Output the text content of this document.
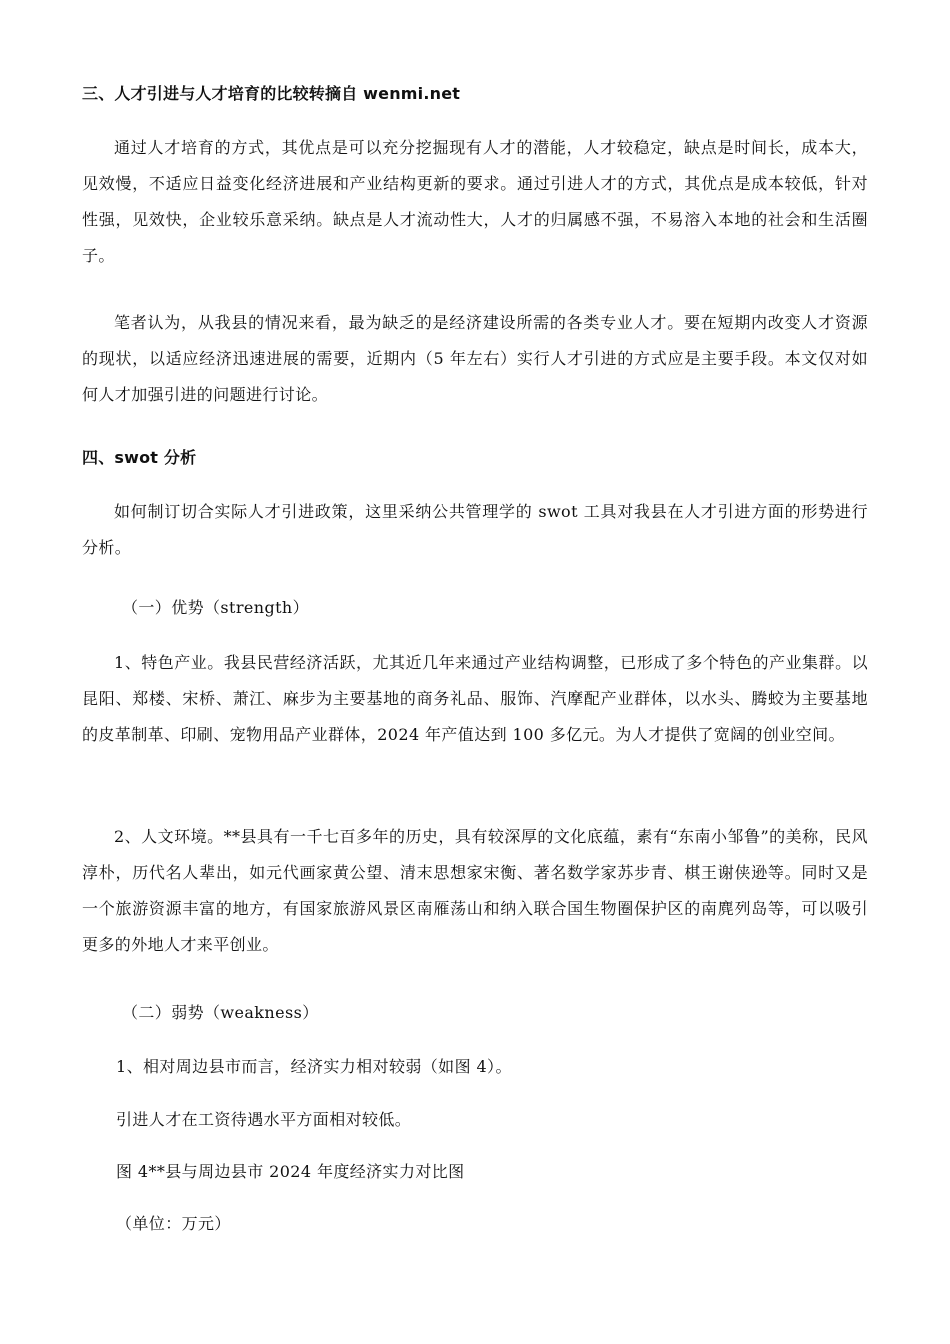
三、人才引进与人才培育的比较转摘自 wenmi.net

通过人才培育的方式，其优点是可以充分挖掘现有人才的潜能，人才较稳定，缺点是时间长，成本大，见效慢，不适应日益变化经济进展和产业结构更新的要求。通过引进人才的方式，其优点是成本较低，针对性强，见效快，企业较乐意采纳。缺点是人才流动性大，人才的归属感不强，不易溶入本地的社会和生活圈子。

笔者认为，从我县的情况来看，最为缺乏的是经济建设所需的各类专业人才。要在短期内改变人才资源的现状，以适应经济迅速进展的需要，近期内（5 年左右）实行人才引进的方式应是主要手段。本文仅对如何人才加强引进的问题进行讨论。

四、swot 分析

如何制订切合实际人才引进政策，这里采纳公共管理学的 swot 工具对我县在人才引进方面的形势进行分析。

（一）优势（strength）

1、特色产业。我县民营经济活跃，尤其近几年来通过产业结构调整，已形成了多个特色的产业集群。以昆阳、郑楼、宋桥、萧江、麻步为主要基地的商务礼品、服饰、汽摩配产业群体，以水头、腾蛟为主要基地的皮革制革、印刷、宠物用品产业群体，2024 年产值达到 100 多亿元。为人才提供了宽阔的创业空间。

2、人文环境。**县具有一千七百多年的历史，具有较深厚的文化底蕴，素有“东南小邹鲁”的美称，民风淳朴，历代名人辈出，如元代画家黄公望、清末思想家宋衡、著名数学家苏步青、棋王谢侠逊等。同时又是一个旅游资源丰富的地方，有国家旅游风景区南雁荡山和纳入联合国生物圈保护区的南麂列岛等，可以吸引更多的外地人才来平创业。

（二）弱势（weakness）

1、相对周边县市而言，经济实力相对较弱（如图 4）。

引进人才在工资待遇水平方面相对较低。

图 4**县与周边县市 2024 年度经济实力对比图

（单位：万元）
